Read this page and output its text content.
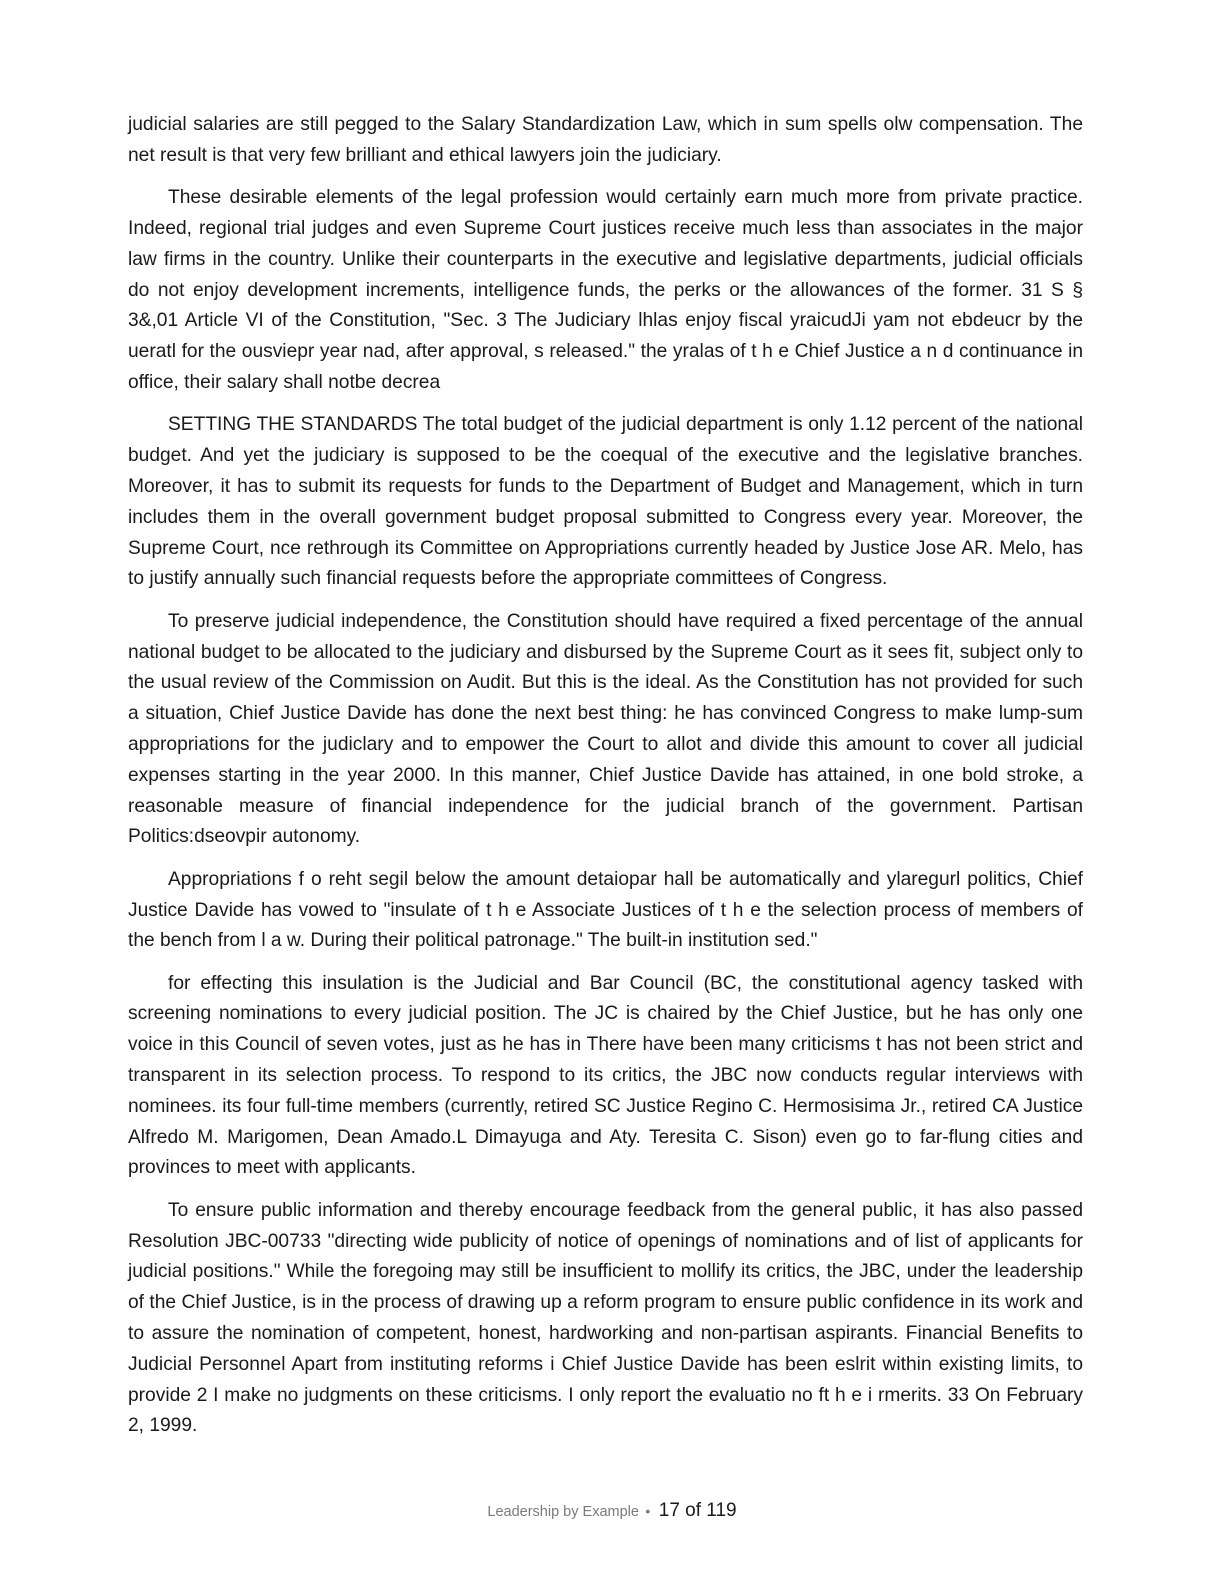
judicial salaries are still pegged to the Salary Standardization Law, which in sum spells olw compensation. The net result is that very few brilliant and ethical lawyers join the judiciary.

These desirable elements of the legal profession would certainly earn much more from private practice. Indeed, regional trial judges and even Supreme Court justices receive much less than associates in the major law firms in the country. Unlike their counterparts in the executive and legislative departments, judicial officials do not enjoy development increments, intelligence funds, the perks or the allowances of the former. 31 S § 3&,01 Article VI of the Constitution, "Sec. 3 The Judiciary lhlas enjoy fiscal yraicudJi yam not ebdeucr by the ueratl for the ousviepr year nad, after approval, s released." the yralas of t h e Chief Justice a n d continuance in office, their salary shall notbe decrea

SETTING THE STANDARDS The total budget of the judicial department is only 1.12 percent of the national budget. And yet the judiciary is supposed to be the coequal of the executive and the legislative branches. Moreover, it has to submit its requests for funds to the Department of Budget and Management, which in turn includes them in the overall government budget proposal submitted to Congress every year. Moreover, the Supreme Court, nce rethrough its Committee on Appropriations currently headed by Justice Jose AR. Melo, has to justify annually such financial requests before the appropriate committees of Congress.

To preserve judicial independence, the Constitution should have required a fixed percentage of the annual national budget to be allocated to the judiciary and disbursed by the Supreme Court as it sees fit, subject only to the usual review of the Commission on Audit. But this is the ideal. As the Constitution has not provided for such a situation, Chief Justice Davide has done the next best thing: he has convinced Congress to make lump-sum appropriations for the judiclary and to empower the Court to allot and divide this amount to cover all judicial expenses starting in the year 2000. In this manner, Chief Justice Davide has attained, in one bold stroke, a reasonable measure of financial independence for the judicial branch of the government. Partisan Politics:dseovpir autonomy.

Appropriations f o reht segil below the amount detaiopar hall be automatically and ylaregurl politics, Chief Justice Davide has vowed to "insulate of t h e Associate Justices of t h e the selection process of members of the bench from l a w. During their political patronage." The built-in institution sed."

for effecting this insulation is the Judicial and Bar Council (BC, the constitutional agency tasked with screening nominations to every judicial position. The JC is chaired by the Chief Justice, but he has only one voice in this Council of seven votes, just as he has in There have been many criticisms t has not been strict and transparent in its selection process. To respond to its critics, the JBC now conducts regular interviews with nominees. its four full-time members (currently, retired SC Justice Regino C. Hermosisima Jr., retired CA Justice Alfredo M. Marigomen, Dean Amado.L Dimayuga and Aty. Teresita C. Sison) even go to far-flung cities and provinces to meet with applicants.

To ensure public information and thereby encourage feedback from the general public, it has also passed Resolution JBC-00733 "directing wide publicity of notice of openings of nominations and of list of applicants for judicial positions." While the foregoing may still be insufficient to mollify its critics, the JBC, under the leadership of the Chief Justice, is in the process of drawing up a reform program to ensure public confidence in its work and to assure the nomination of competent, honest, hardworking and non-partisan aspirants. Financial Benefits to Judicial Personnel Apart from instituting reforms i Chief Justice Davide has been eslrit within existing limits, to provide 2 I make no judgments on these criticisms. I only report the evaluatio no ft h e i rmerits. 33 On February 2, 1999.

Leadership by Example • 17 of 119
